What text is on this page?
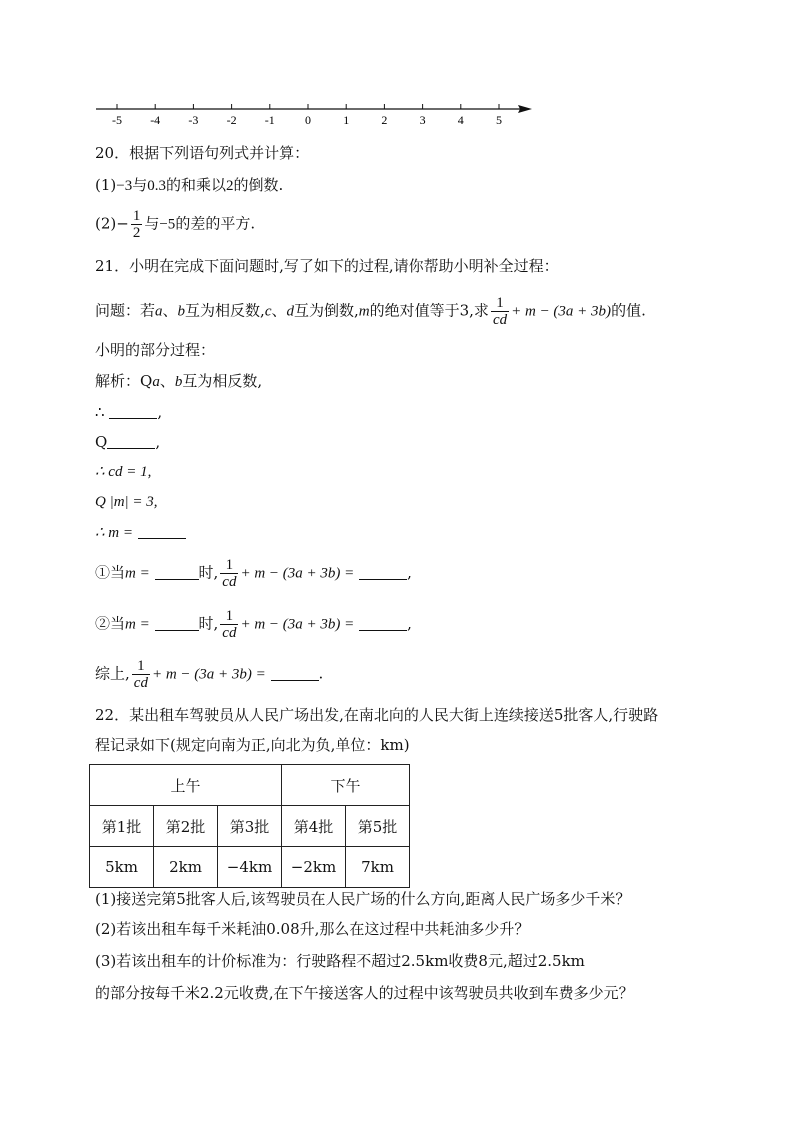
-5 -4 -3 -2 -1	0	1	2	3	4	5
20．根据下列语句列式并计算：
(1)−3与0.3的和乘以2的倒数.
$(2)- \frac{1}{2}$ 与−5的差的平方.
21．小明在完成下面问题时,写了如下的过程,请你帮助小明补全过程：
问题：若a、b互为相反数,c、d互为倒数,m的绝对值等于3,求 $\frac{1}{cd} + m - (3a + 3b)$的值.
小明的部分过程：
解析：Qa、b互为相反数,
∴	,
Q	,
∴ cd = 1,
Q |m| = 3,
∴ m =
①当m =	时, $\frac{1}{cd} + m - (3a + 3b)$ =	,
②当m =	时, $\frac{1}{cd} + m - (3a + 3b)$ =	,
综上, $\frac{1}{cd} + m - (3a + 3b)$ =	.
22．某出租车驾驶员从人民广场出发,在南北向的人民大街上连续接送5批客人,行驶路
程记录如下(规定向南为正,向北为负,单位：km)
上午			下午	
第1批	第2批	第3批	第4批	第5批
5km	2km	−4km	−2km	7km
(1)接送完第5批客人后,该驾驶员在人民广场的什么方向,距离人民广场多少千米？
(2)若该出租车每千米耗油0.08升,那么在这过程中共耗油多少升？
(3)若该出租车的计价标准为：行驶路程不超过2.5km收费8元,超过2.5km
的部分按每千米2.2元收费,在下午接送客人的过程中该驾驶员共收到车费多少元？
